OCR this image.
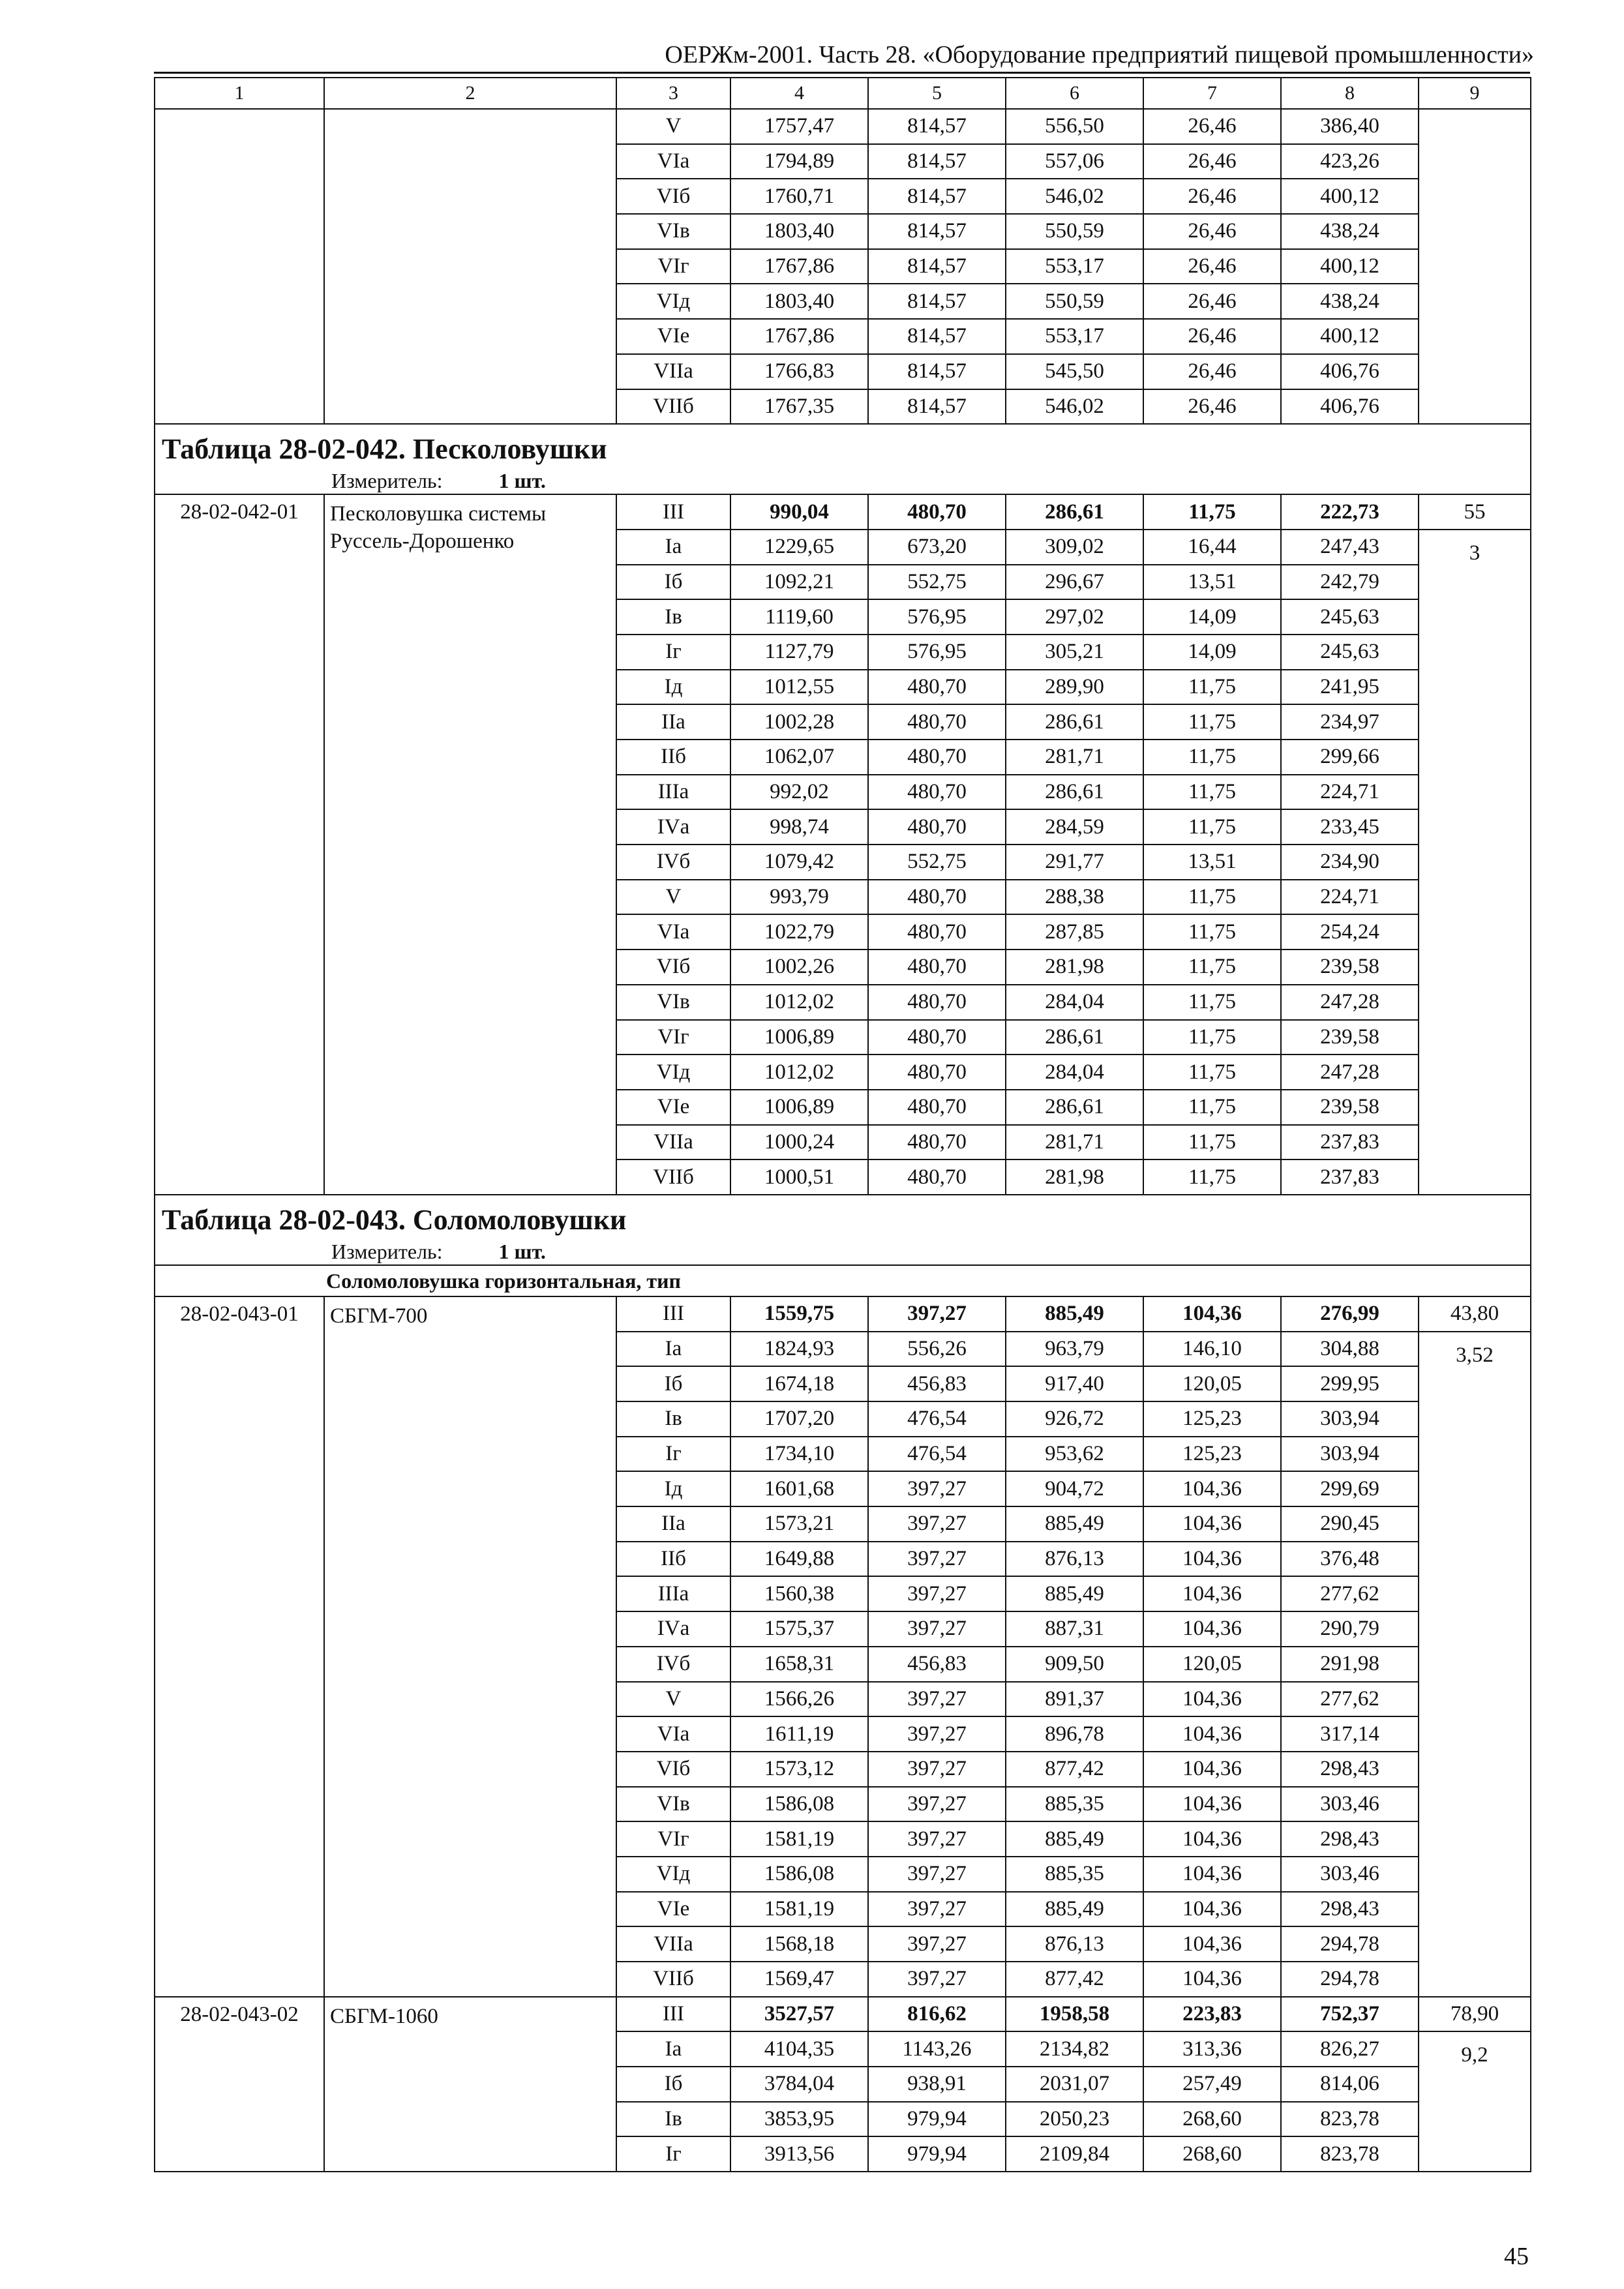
ОЕРЖм-2001. Часть 28. «Оборудование предприятий пищевой промышленности»
1	2	3	4	5	6	7	8	9
		V	1757,47	814,57	556,50	26,46	386,40	
		VIа	1794,89	814,57	557,06	26,46	423,26	
		VIб	1760,71	814,57	546,02	26,46	400,12	
		VIв	1803,40	814,57	550,59	26,46	438,24	
		VIг	1767,86	814,57	553,17	26,46	400,12	
		VIд	1803,40	814,57	550,59	26,46	438,24	
		VIе	1767,86	814,57	553,17	26,46	400,12	
		VIIа	1766,83	814,57	545,50	26,46	406,76	
		VIIб	1767,35	814,57	546,02	26,46	406,76	
Таблица 28-02-042. Песколовушки								
Измеритель: 1 шт.								
28-02-042-01	Песколовушка системы Руссель-Дорошенко	III	990,04	480,70	286,61	11,75	222,73	55
		Iа	1229,65	673,20	309,02	16,44	247,43	3
		Iб	1092,21	552,75	296,67	13,51	242,79	
		Iв	1119,60	576,95	297,02	14,09	245,63	
		Iг	1127,79	576,95	305,21	14,09	245,63	
		Iд	1012,55	480,70	289,90	11,75	241,95	
		IIа	1002,28	480,70	286,61	11,75	234,97	
		IIб	1062,07	480,70	281,71	11,75	299,66	
		IIIа	992,02	480,70	286,61	11,75	224,71	
		IVа	998,74	480,70	284,59	11,75	233,45	
		IVб	1079,42	552,75	291,77	13,51	234,90	
		V	993,79	480,70	288,38	11,75	224,71	
		VIа	1022,79	480,70	287,85	11,75	254,24	
		VIб	1002,26	480,70	281,98	11,75	239,58	
		VIв	1012,02	480,70	284,04	11,75	247,28	
		VIг	1006,89	480,70	286,61	11,75	239,58	
		VIд	1012,02	480,70	284,04	11,75	247,28	
		VIе	1006,89	480,70	286,61	11,75	239,58	
		VIIа	1000,24	480,70	281,71	11,75	237,83	
		VIIб	1000,51	480,70	281,98	11,75	237,83	
Таблица 28-02-043. Соломоловушки								
Измеритель: 1 шт.								
Соломоловушка горизонтальная, тип								
28-02-043-01	СБГМ-700	III	1559,75	397,27	885,49	104,36	276,99	43,80
		Iа	1824,93	556,26	963,79	146,10	304,88	3,52
		Iб	1674,18	456,83	917,40	120,05	299,95	
		Iв	1707,20	476,54	926,72	125,23	303,94	
		Iг	1734,10	476,54	953,62	125,23	303,94	
		Iд	1601,68	397,27	904,72	104,36	299,69	
		IIа	1573,21	397,27	885,49	104,36	290,45	
		IIб	1649,88	397,27	876,13	104,36	376,48	
		IIIа	1560,38	397,27	885,49	104,36	277,62	
		IVа	1575,37	397,27	887,31	104,36	290,79	
		IVб	1658,31	456,83	909,50	120,05	291,98	
		V	1566,26	397,27	891,37	104,36	277,62	
		VIа	1611,19	397,27	896,78	104,36	317,14	
		VIб	1573,12	397,27	877,42	104,36	298,43	
		VIв	1586,08	397,27	885,35	104,36	303,46	
		VIг	1581,19	397,27	885,49	104,36	298,43	
		VIд	1586,08	397,27	885,35	104,36	303,46	
		VIе	1581,19	397,27	885,49	104,36	298,43	
		VIIа	1568,18	397,27	876,13	104,36	294,78	
		VIIб	1569,47	397,27	877,42	104,36	294,78	
28-02-043-02	СБГМ-1060	III	3527,57	816,62	1958,58	223,83	752,37	78,90
		Iа	4104,35	1143,26	2134,82	313,36	826,27	9,2
		Iб	3784,04	938,91	2031,07	257,49	814,06	
		Iв	3853,95	979,94	2050,23	268,60	823,78	
		Iг	3913,56	979,94	2109,84	268,60	823,78	
45
